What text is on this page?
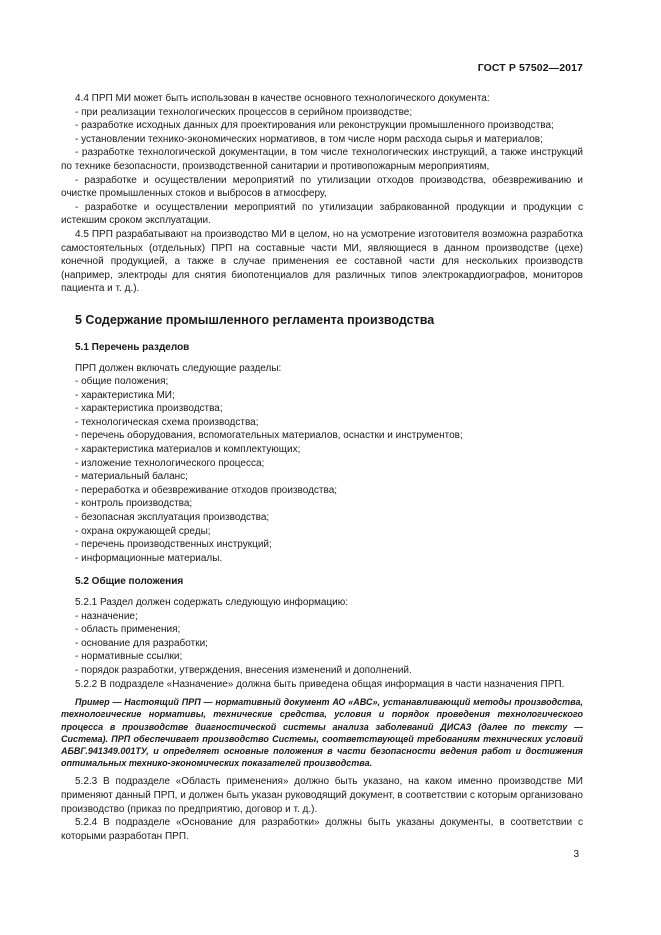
ГОСТ Р 57502—2017

4.4 ПРП МИ может быть использован в качестве основного технологического документа:

- при реализации технологических процессов в серийном производстве;

- разработке исходных данных для проектирования или реконструкции промышленного производства;

- установлении технико-экономических нормативов, в том числе норм расхода сырья и материалов;

- разработке технологической документации, в том числе технологических инструкций, а также инструкций по технике безопасности, производственной санитарии и противопожарным мероприятиям,

- разработке и осуществлении мероприятий по утилизации отходов производства, обезвреживанию и очистке промышленных стоков и выбросов в атмосферу,

- разработке и осуществлении мероприятий по утилизации забракованной продукции и продукции с истекшим сроком эксплуатации.

4.5 ПРП разрабатывают на производство МИ в целом, но на усмотрение изготовителя возможна разработка самостоятельных (отдельных) ПРП на составные части МИ, являющиеся в данном производстве (цехе) конечной продукцией, а также в случае применения ее составной части для нескольких производств (например, электроды для снятия биопотенциалов для различных типов электрокардиографов, мониторов пациента и т. д.).

5 Содержание промышленного регламента производства
5.1 Перечень разделов

ПРП должен включать следующие разделы:

- общие положения;

- характеристика МИ;

- характеристика производства;

- технологическая схема производства;

- перечень оборудования, вспомогательных материалов, оснастки и инструментов;

- характеристика материалов и комплектующих;

- изложение технологического процесса;

- материальный баланс;

- переработка и обезвреживание отходов производства;

- контроль производства;

- безопасная эксплуатация производства;

- охрана окружающей среды;

- перечень производственных инструкций;

- информационные материалы.

5.2 Общие положения

5.2.1 Раздел должен содержать следующую информацию:

- назначение;

- область применения;

- основание для разработки;

- нормативные ссылки;

- порядок разработки, утверждения, внесения изменений и дополнений.

5.2.2 В подразделе «Назначение» должна быть приведена общая информация в части назначения ПРП.

Пример — Настоящий ПРП — нормативный документ АО «АВС», устанавливающий методы производства, технологические нормативы, технические средства, условия и порядок проведения технологического процесса в производстве диагностической системы анализа заболеваний ДИСАЗ (далее по тексту — Система). ПРП обеспечивает производство Системы, соответствующей требованиям технических условий АБВГ.941349.001ТУ, и определяет основные положения в части безопасности ведения работ и достижения оптимальных технико-экономических показателей производства.

5.2.3 В подразделе «Область применения» должно быть указано, на каком именно производстве МИ применяют данный ПРП, и должен быть указан руководящий документ, в соответствии с которым организовано производство (приказ по предприятию, договор и т. д.).

5.2.4 В подразделе «Основание для разработки» должны быть указаны документы, в соответствии с которыми разработан ПРП.

3
